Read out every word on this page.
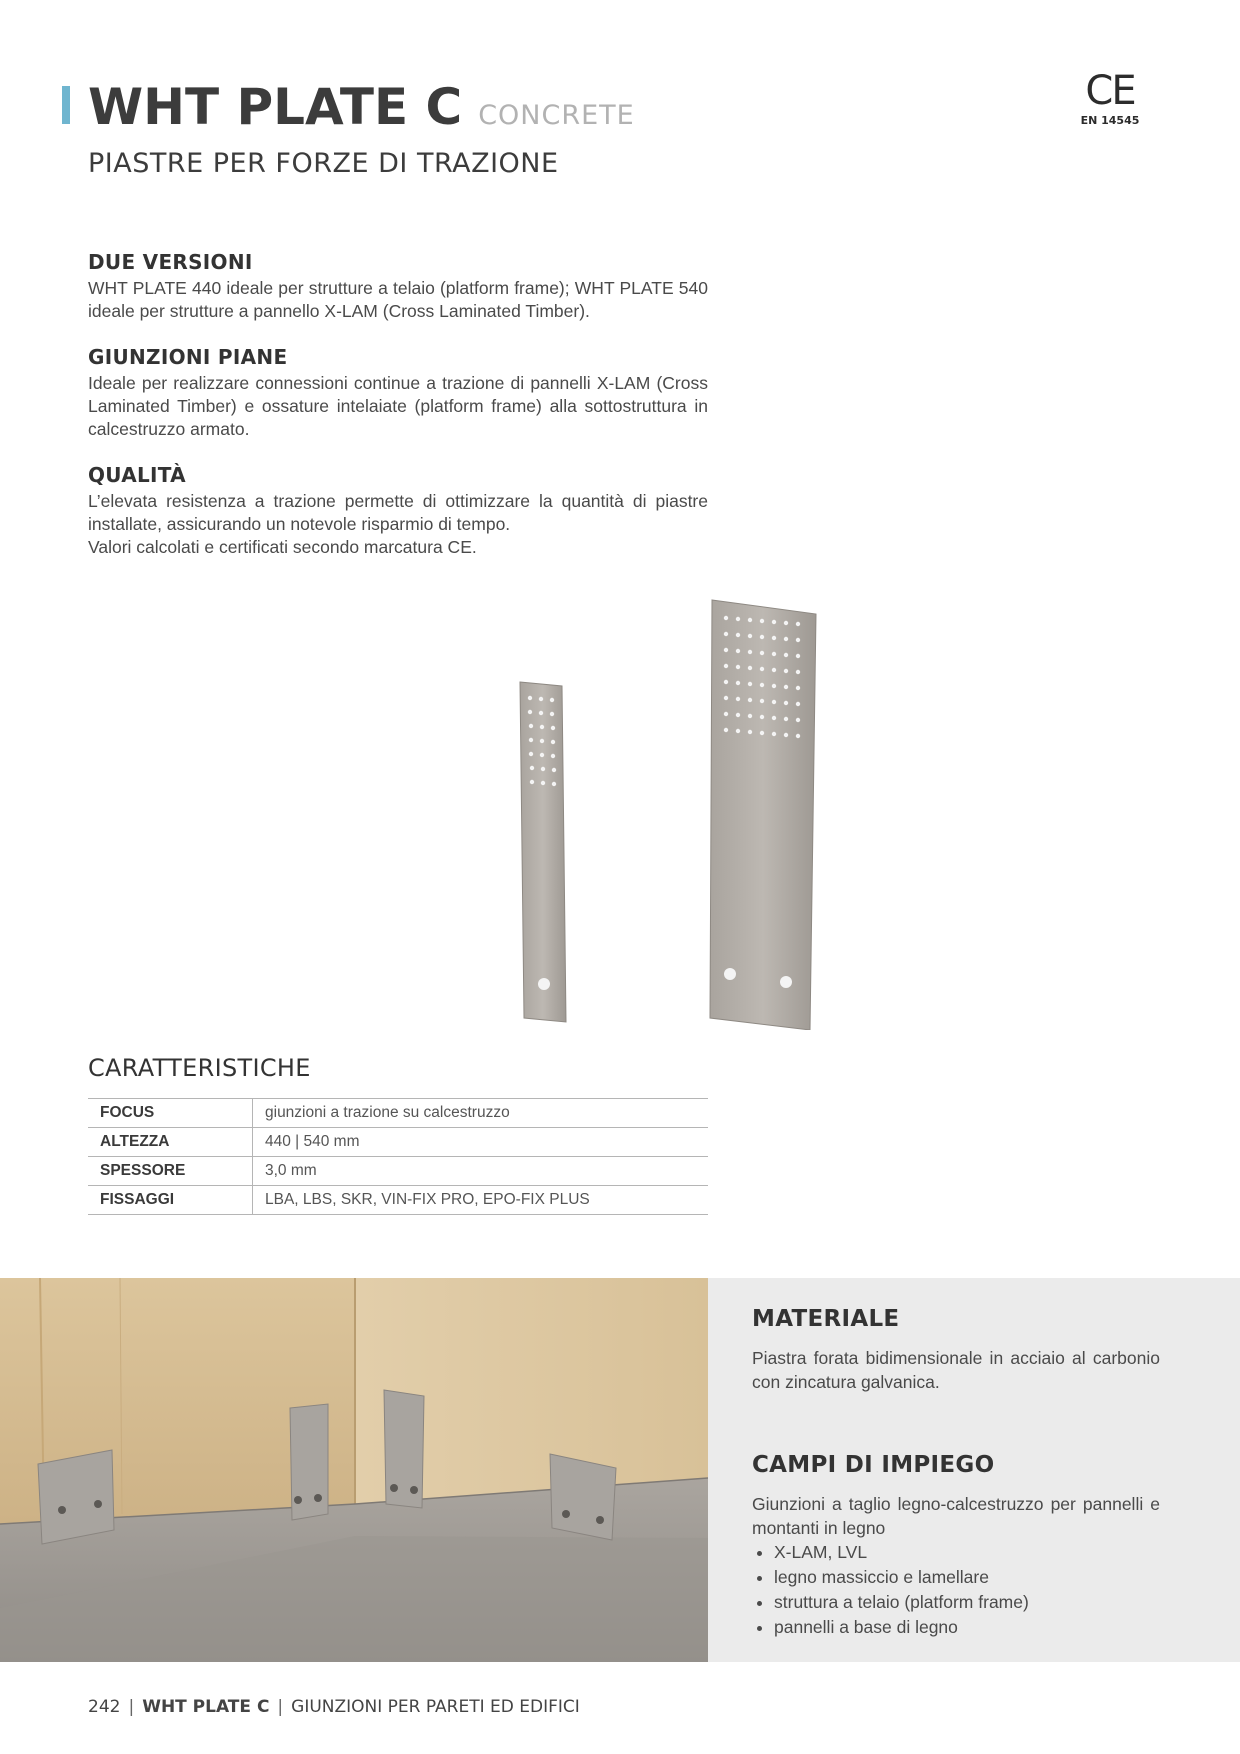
WHT PLATE C CONCRETE
PIASTRE PER FORZE DI TRAZIONE
CE
EN 14545
DUE VERSIONI

WHT PLATE 440 ideale per strutture a telaio (platform frame); WHT PLATE 540 ideale per strutture a pannello X-LAM (Cross Laminated Timber).

GIUNZIONI PIANE

Ideale per realizzare connessioni continue a trazione di pannelli X-LAM (Cross Laminated Timber) e ossature intelaiate (platform frame) alla sottostruttura in calcestruzzo armato.

QUALITÀ

L’elevata resistenza a trazione permette di ottimizzare la quantità di piastre installate, assicurando un notevole risparmio di tempo.

Valori calcolati e certificati secondo marcatura CE.

CARATTERISTICHE
FOCUS	giunzioni a trazione su calcestruzzo
ALTEZZA	440 | 540 mm
SPESSORE	3,0 mm
FISSAGGI	LBA, LBS, SKR, VIN-FIX PRO, EPO-FIX PLUS
MATERIALE

Piastra forata bidimensionale in acciaio al carbonio con zincatura galvanica.

CAMPI DI IMPIEGO

Giunzioni a taglio legno-calcestruzzo per pannelli e montanti in legno

• X-LAM, LVL
• legno massiccio e lamellare
• struttura a telaio (platform frame)
• pannelli a base di legno
242 | WHT PLATE C | GIUNZIONI PER PARETI ED EDIFICI
